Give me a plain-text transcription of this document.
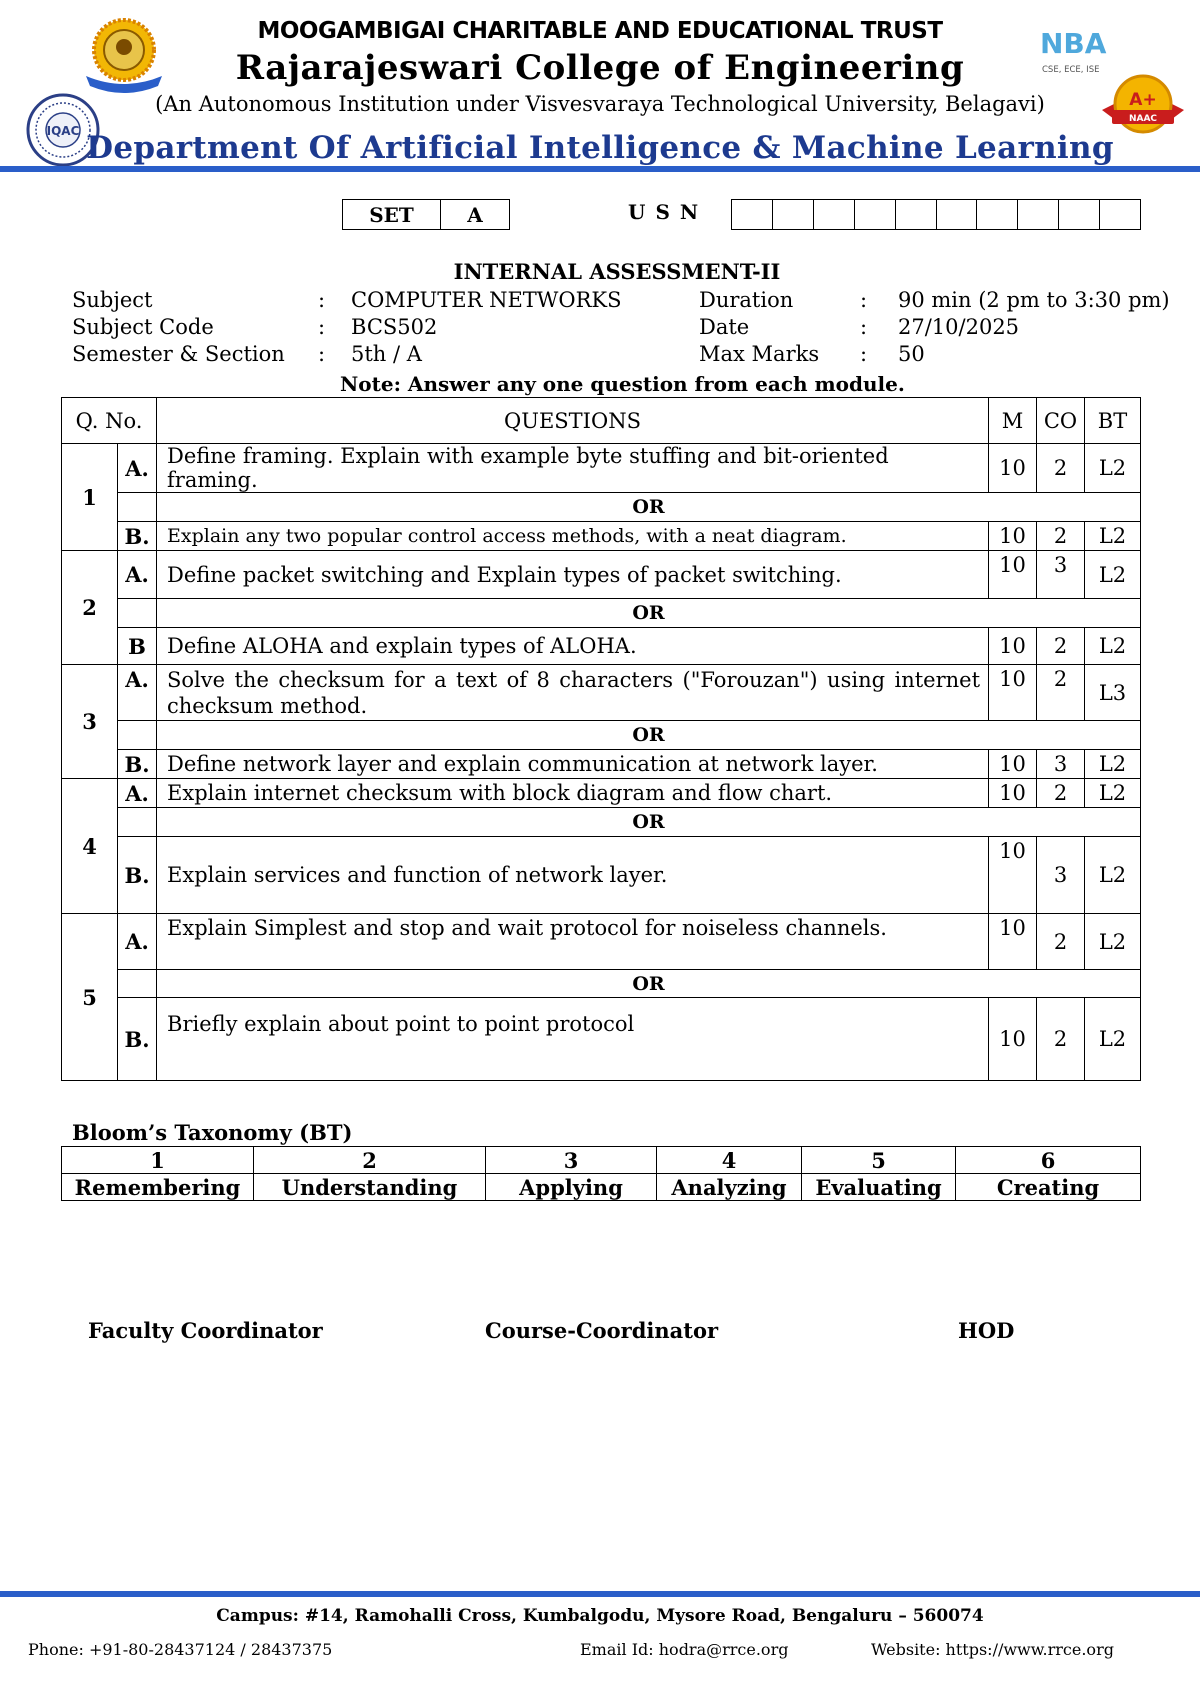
IQAC
NBA
CSE, ECE, ISE
A+
NAAC
MOOGAMBIGAI CHARITABLE AND EDUCATIONAL TRUST
Rajarajeswari College of Engineering
(An Autonomous Institution under Visvesvaraya Technological University, Belagavi)
Department Of Artificial Intelligence & Machine Learning
SET	A	USN
INTERNAL ASSESSMENT-II
Subject	: COMPUTER NETWORKS	Duration	: 90 min (2 pm to 3:30 pm)
Subject Code	: BCS502	Date	: 27/10/2025
Semester & Section : 5th / A	Max Marks : 50
Note: Answer any one question from each module.
Q. No.		QUESTIONS	M	CO	BT
1	A.	Define framing. Explain with example byte stuffing and bit-oriented framing.	10	2	L2
		OR			
	B.	Explain any two popular control access methods, with a neat diagram.	10	2	L2
2	A.	Define packet switching and Explain types of packet switching.	10	3	L2
		OR			
	B	Define ALOHA and explain types of ALOHA.	10	2	L2
3	A.	Solve the checksum for a text of 8 characters ("Forouzan") using internet checksum method.	10	2	L3
		OR			
	B.	Define network layer and explain communication at network layer.	10	3	L2
4	A.	Explain internet checksum with block diagram and flow chart.	10	2	L2
		OR			
	B.	Explain services and function of network layer.	10	3	L2
5	A.	Explain Simplest and stop and wait protocol for noiseless channels.	10	2	L2
		OR			
	B.	Briefly explain about point to point protocol	10	2	L2
Bloom’s Taxonomy (BT)
1	2	3	4	5	6
Remembering	Understanding	Applying	Analyzing	Evaluating	Creating
Faculty Coordinator	Course-Coordinator	HOD
Campus: #14, Ramohalli Cross, Kumbalgodu, Mysore Road, Bengaluru – 560074
Phone: +91-80-28437124 / 28437375	Email Id: hodra@rrce.org	Website: https://www.rrce.org
